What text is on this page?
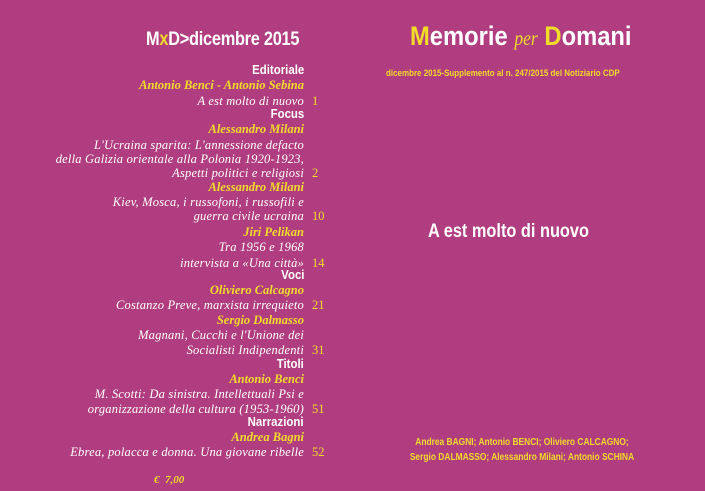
MxD>dicembre 2015
Editoriale
Antonio Benci - Antonio Sebina
A est molto di nuovo 1
Focus
Alessandro Milani
L'Ucraina sparita: L'annessione defacto
della Galizia orientale alla Polonia 1920-1923,
Aspetti politici e religiosi 2
Alessandro Milani
Kiev, Mosca, i russofoni, i russofili e
guerra civile ucraina 10
Jiri Pelikan
Tra 1956 e 1968
intervista a «Una città» 14
Voci
Oliviero Calcagno
Costanzo Preve, marxista irrequieto 21
Sergio Dalmasso
Magnani, Cucchi e l'Unione dei
Socialisti Indipendenti 31
Titoli
Antonio Benci
M. Scotti: Da sinistra. Intellettuali Psi e
organizzazione della cultura (1953-1960) 51
Narrazioni
Andrea Bagni
Ebrea, polacca e donna. Una giovane ribelle 52
€  7,00
Memorie per Domani
dicembre 2015-Supplemento al n. 247/2015 del Notiziario CDP
A est molto di nuovo
Andrea BAGNI; Antonio BENCI; Oliviero CALCAGNO;
Sergio DALMASSO; Alessandro Milani; Antonio SCHINA
